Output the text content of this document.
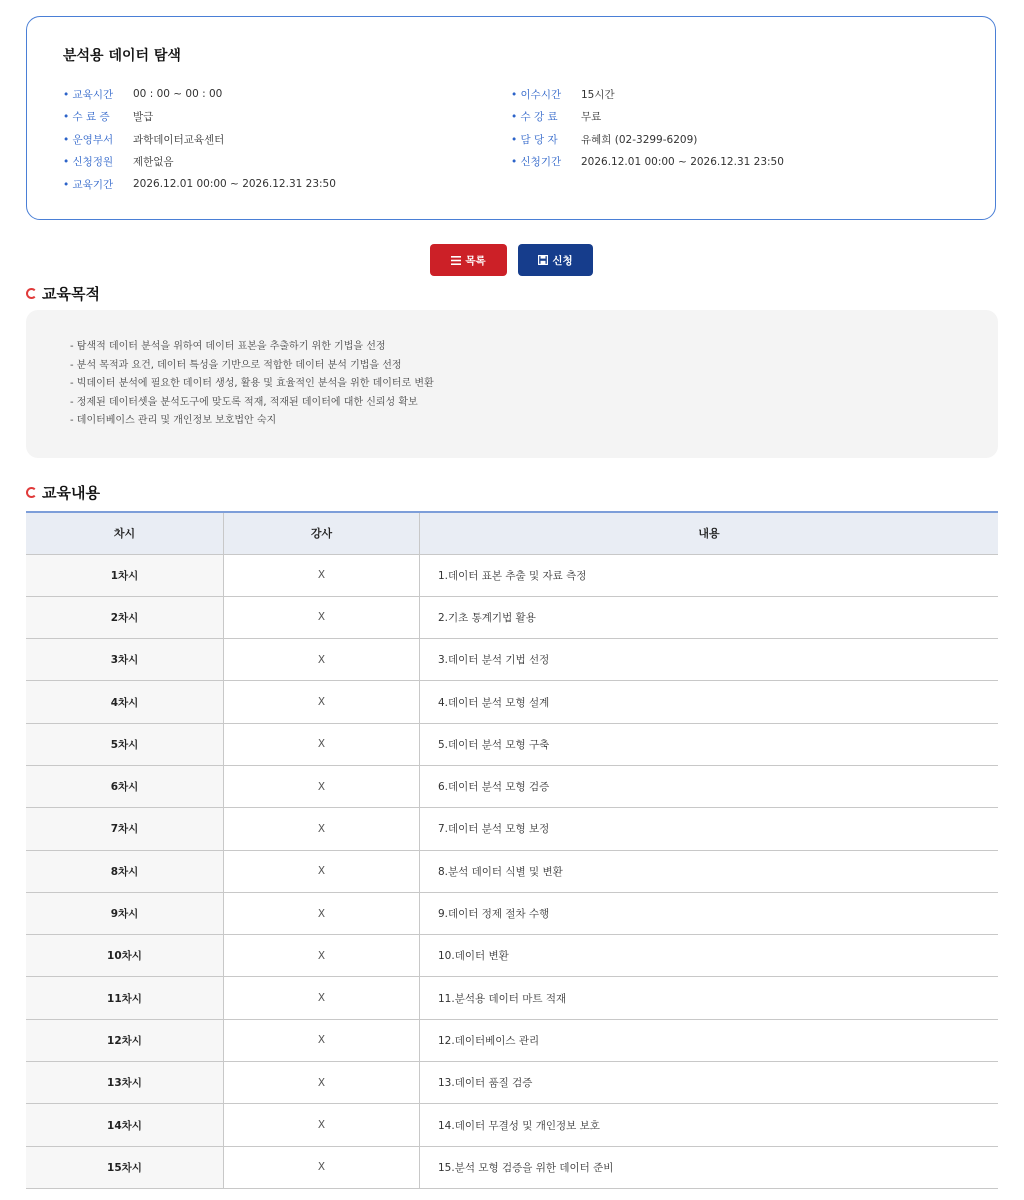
분석용 데이터 탐색
• 교육시간	00 : 00 ~ 00 : 00
• 수 료 증	발급
• 운영부서	과학데이터교육센터
• 신청정원	제한없음
• 교육기간	2026.12.01 00:00 ~ 2026.12.31 23:50
• 이수시간	15시간
• 수 강 료	무료
• 담 당 자	유혜희 (02-3299-6209)
• 신청기간	2026.12.01 00:00 ~ 2026.12.31 23:50
목록	신청
교육목적
- 탐색적 데이터 분석을 위하여 데이터 표본을 추출하기 위한 기법을 선정
- 분석 목적과 요건, 데이터 특성을 기반으로 적합한 데이터 분석 기법을 선정
- 빅데이터 분석에 필요한 데이터 생성, 활용 및 효율적인 분석을 위한 데이터로 변환
- 정제된 데이터셋을 분석도구에 맞도록 적재, 적재된 데이터에 대한 신뢰성 확보
- 데이터베이스 관리 및 개인정보 보호법안 숙지
교육내용
차시	강사	내용
1차시	X	1.데이터 표본 추출 및 자료 측정
2차시	X	2.기초 통계기법 활용
3차시	X	3.데이터 분석 기법 선정
4차시	X	4.데이터 분석 모형 설계
5차시	X	5.데이터 분석 모형 구축
6차시	X	6.데이터 분석 모형 검증
7차시	X	7.데이터 분석 모형 보정
8차시	X	8.분석 데이터 식별 및 변환
9차시	X	9.데이터 정제 절차 수행
10차시	X	10.데이터 변환
11차시	X	11.분석용 데이터 마트 적재
12차시	X	12.데이터베이스 관리
13차시	X	13.데이터 품질 검증
14차시	X	14.데이터 무결성 및 개인정보 보호
15차시	X	15.분석 모형 검증을 위한 데이터 준비
